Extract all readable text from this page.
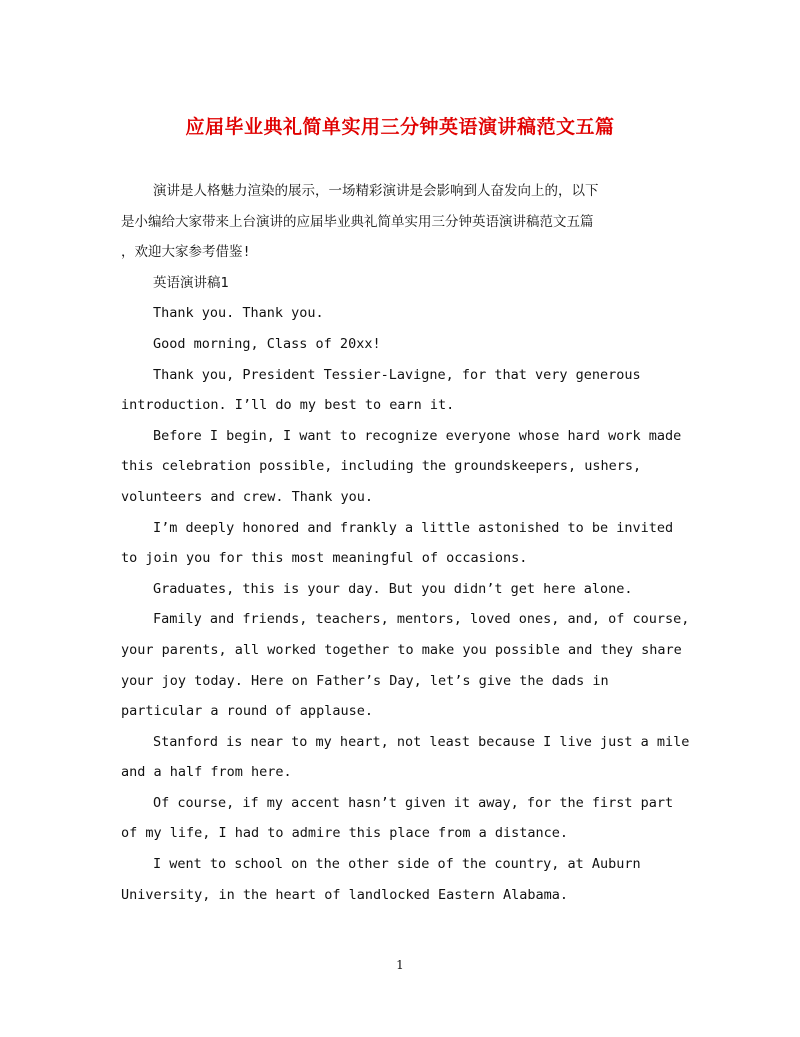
应届毕业典礼简单实用三分钟英语演讲稿范文五篇
演讲是人格魅力渲染的展示，一场精彩演讲是会影响到人奋发向上的，以下
是小编给大家带来上台演讲的应届毕业典礼简单实用三分钟英语演讲稿范文五篇
，欢迎大家参考借鉴!
英语演讲稿1
Thank you. Thank you.
Good morning, Class of 20xx!
Thank you, President Tessier-Lavigne, for that very generous
introduction. I’ll do my best to earn it.
Before I begin, I want to recognize everyone whose hard work made
this celebration possible, including the groundskeepers, ushers,
volunteers and crew. Thank you.
I’m deeply honored and frankly a little astonished to be invited
to join you for this most meaningful of occasions.
Graduates, this is your day. But you didn’t get here alone.
Family and friends, teachers, mentors, loved ones, and, of course,
your parents, all worked together to make you possible and they share
your joy today. Here on Father’s Day, let’s give the dads in
particular a round of applause.
Stanford is near to my heart, not least because I live just a mile
and a half from here.
Of course, if my accent hasn’t given it away, for the first part
of my life, I had to admire this place from a distance.
I went to school on the other side of the country, at Auburn
University, in the heart of landlocked Eastern Alabama.
1
